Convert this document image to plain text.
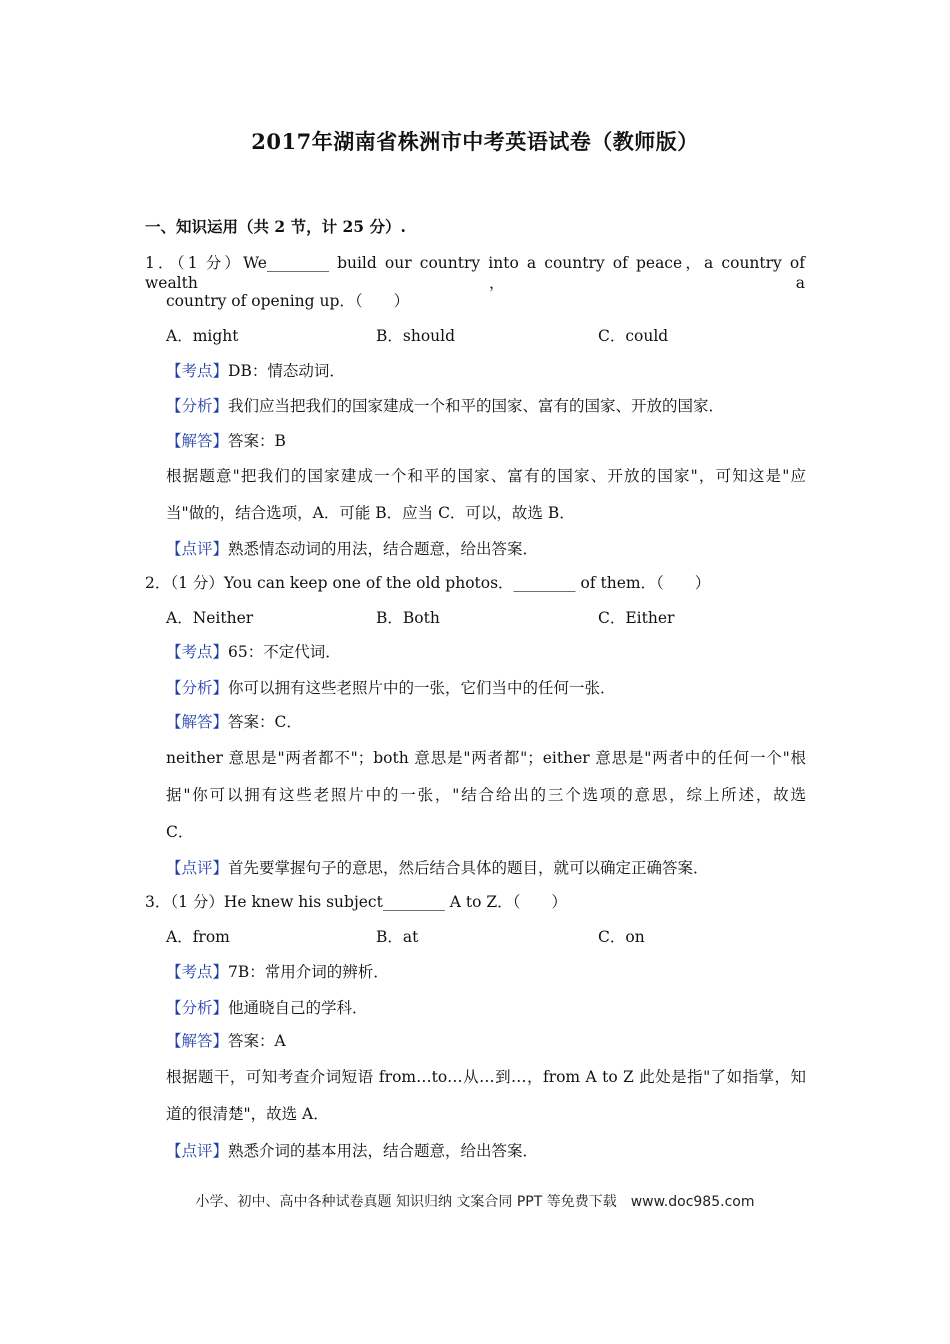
2017年湖南省株洲市中考英语试卷（教师版）
一、知识运用（共 2 节，计 25 分）.
1．（1 分）We________ build our country into a country of peace，a country of wealth，a
country of opening up．（　　）
A．might	B．should	C．could
【考点】DB：情态动词．
【分析】我们应当把我们的国家建成一个和平的国家、富有的国家、开放的国家．
【解答】答案：B
根据题意"把我们的国家建成一个和平的国家、富有的国家、开放的国家"，可知这是"应
当"做的，结合选项，A．可能 B．应当 C．可以，故选 B．
【点评】熟悉情态动词的用法，结合题意，给出答案．
2．（1 分）You can keep one of the old photos．________ of them．（　　）
A．Neither	B．Both	C．Either
【考点】65：不定代词．
【分析】你可以拥有这些老照片中的一张，它们当中的任何一张．
【解答】答案：C．
neither 意思是"两者都不"；both 意思是"两者都"；either 意思是"两者中的任何一个"根
据"你可以拥有这些老照片中的一张，"结合给出的三个选项的意思，综上所述，故选
C．
【点评】首先要掌握句子的意思，然后结合具体的题目，就可以确定正确答案．
3．（1 分）He knew his subject________ A to Z．（　　）
A．from	B．at	C．on
【考点】7B：常用介词的辨析．
【分析】他通晓自己的学科．
【解答】答案：A
根据题干，可知考查介词短语 from…to…从…到…，from A to Z 此处是指"了如指掌，知
道的很清楚"，故选 A．
【点评】熟悉介词的基本用法，结合题意，给出答案．
小学、初中、高中各种试卷真题 知识归纳 文案合同 PPT 等免费下载　www.doc985.com
